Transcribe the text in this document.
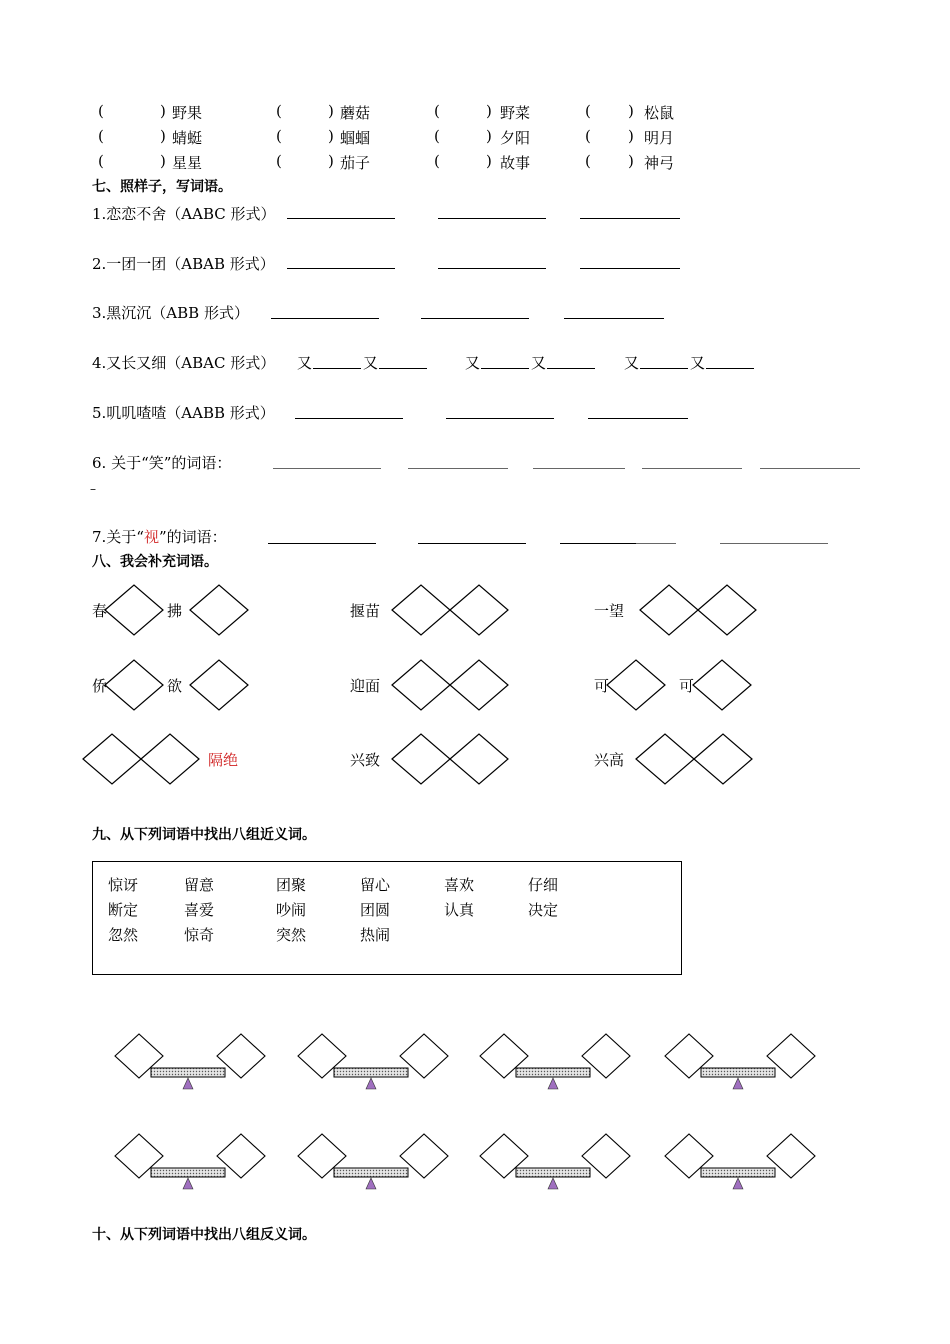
(	) 野果	(	) 蘑菇	(	) 野菜	( ) 松鼠
(	) 蜻蜓	(	) 蝈蝈	(	) 夕阳	( ) 明月
(	) 星星	(	) 茄子	(	) 故事	( ) 神弓
七、照样子，写词语。
1.恋恋不舍（AABC 形式）
2.一团一团（ABAB 形式）
3.黑沉沉（ABB 形式）
4.又长又细（ABAC 形式） 又	又	又	又	又	又
5.叽叽喳喳（AABB 形式）
6. 关于“笑”的词语：
–
7.关于“视”的词语：
八、我会补充词语。
春	拂	揠苗	一望
侨	欲	迎面	可	可
隔绝	兴致	兴高
九、从下列词语中找出八组近义词。
惊讶	留意	团聚	留心	喜欢	仔细
断定	喜爱	吵闹	团圆	认真	决定
忽然	惊奇	突然	热闹
十、从下列词语中找出八组反义词。
